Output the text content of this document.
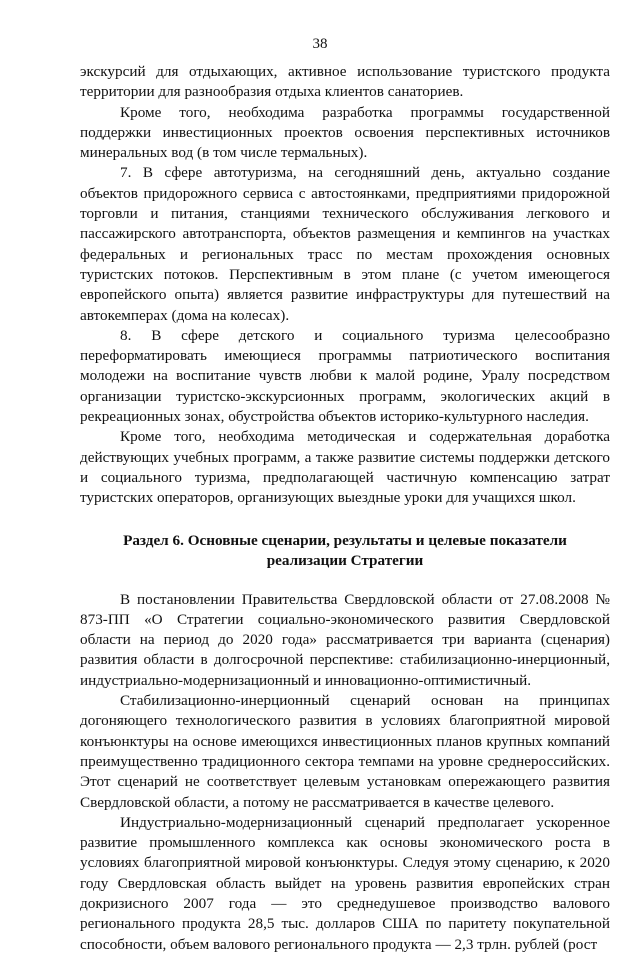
38

экскурсий для отдыхающих, активное использование туристского продукта территории для разнообразия отдыха клиентов санаториев.

Кроме того, необходима разработка программы государственной поддержки инвестиционных проектов освоения перспективных источников минеральных вод (в том числе термальных).

7. В сфере автотуризма, на сегодняшний день, актуально создание объектов придорожного сервиса с автостоянками, предприятиями придорожной торговли и питания, станциями технического обслуживания легкового и пассажирского автотранспорта, объектов размещения и кемпингов на участках федеральных и региональных трасс по местам прохождения основных туристских потоков. Перспективным в этом плане (с учетом имеющегося европейского опыта) является развитие инфраструктуры для путешествий на автокемперах (дома на колесах).

8. В сфере детского и социального туризма целесообразно переформатировать имеющиеся программы патриотического воспитания молодежи на воспитание чувств любви к малой родине, Уралу посредством организации туристско-экскурсионных программ, экологических акций в рекреационных зонах, обустройства объектов историко-культурного наследия.

Кроме того, необходима методическая и содержательная доработка действующих учебных программ, а также развитие системы поддержки детского и социального туризма, предполагающей частичную компенсацию затрат туристских операторов, организующих выездные уроки для учащихся школ.

Раздел 6. Основные сценарии, результаты и целевые показатели реализации Стратегии

В постановлении Правительства Свердловской области от 27.08.2008 № 873-ПП «О Стратегии социально-экономического развития Свердловской области на период до 2020 года» рассматривается три варианта (сценария) развития области в долгосрочной перспективе: стабилизационно-инерционный, индустриально-модернизационный и инновационно-оптимистичный.

Стабилизационно-инерционный сценарий основан на принципах догоняющего технологического развития в условиях благоприятной мировой конъюнктуры на основе имеющихся инвестиционных планов крупных компаний преимущественно традиционного сектора темпами на уровне среднероссийских. Этот сценарий не соответствует целевым установкам опережающего развития Свердловской области, а потому не рассматривается в качестве целевого.

Индустриально-модернизационный сценарий предполагает ускоренное развитие промышленного комплекса как основы экономического роста в условиях благоприятной мировой конъюнктуры. Следуя этому сценарию, к 2020 году Свердловская область выйдет на уровень развития европейских стран докризисного 2007 года — это среднедушевое производство валового регионального продукта 28,5 тыс. долларов США по паритету покупательной способности, объем валового регионального продукта — 2,3 трлн. рублей (рост
